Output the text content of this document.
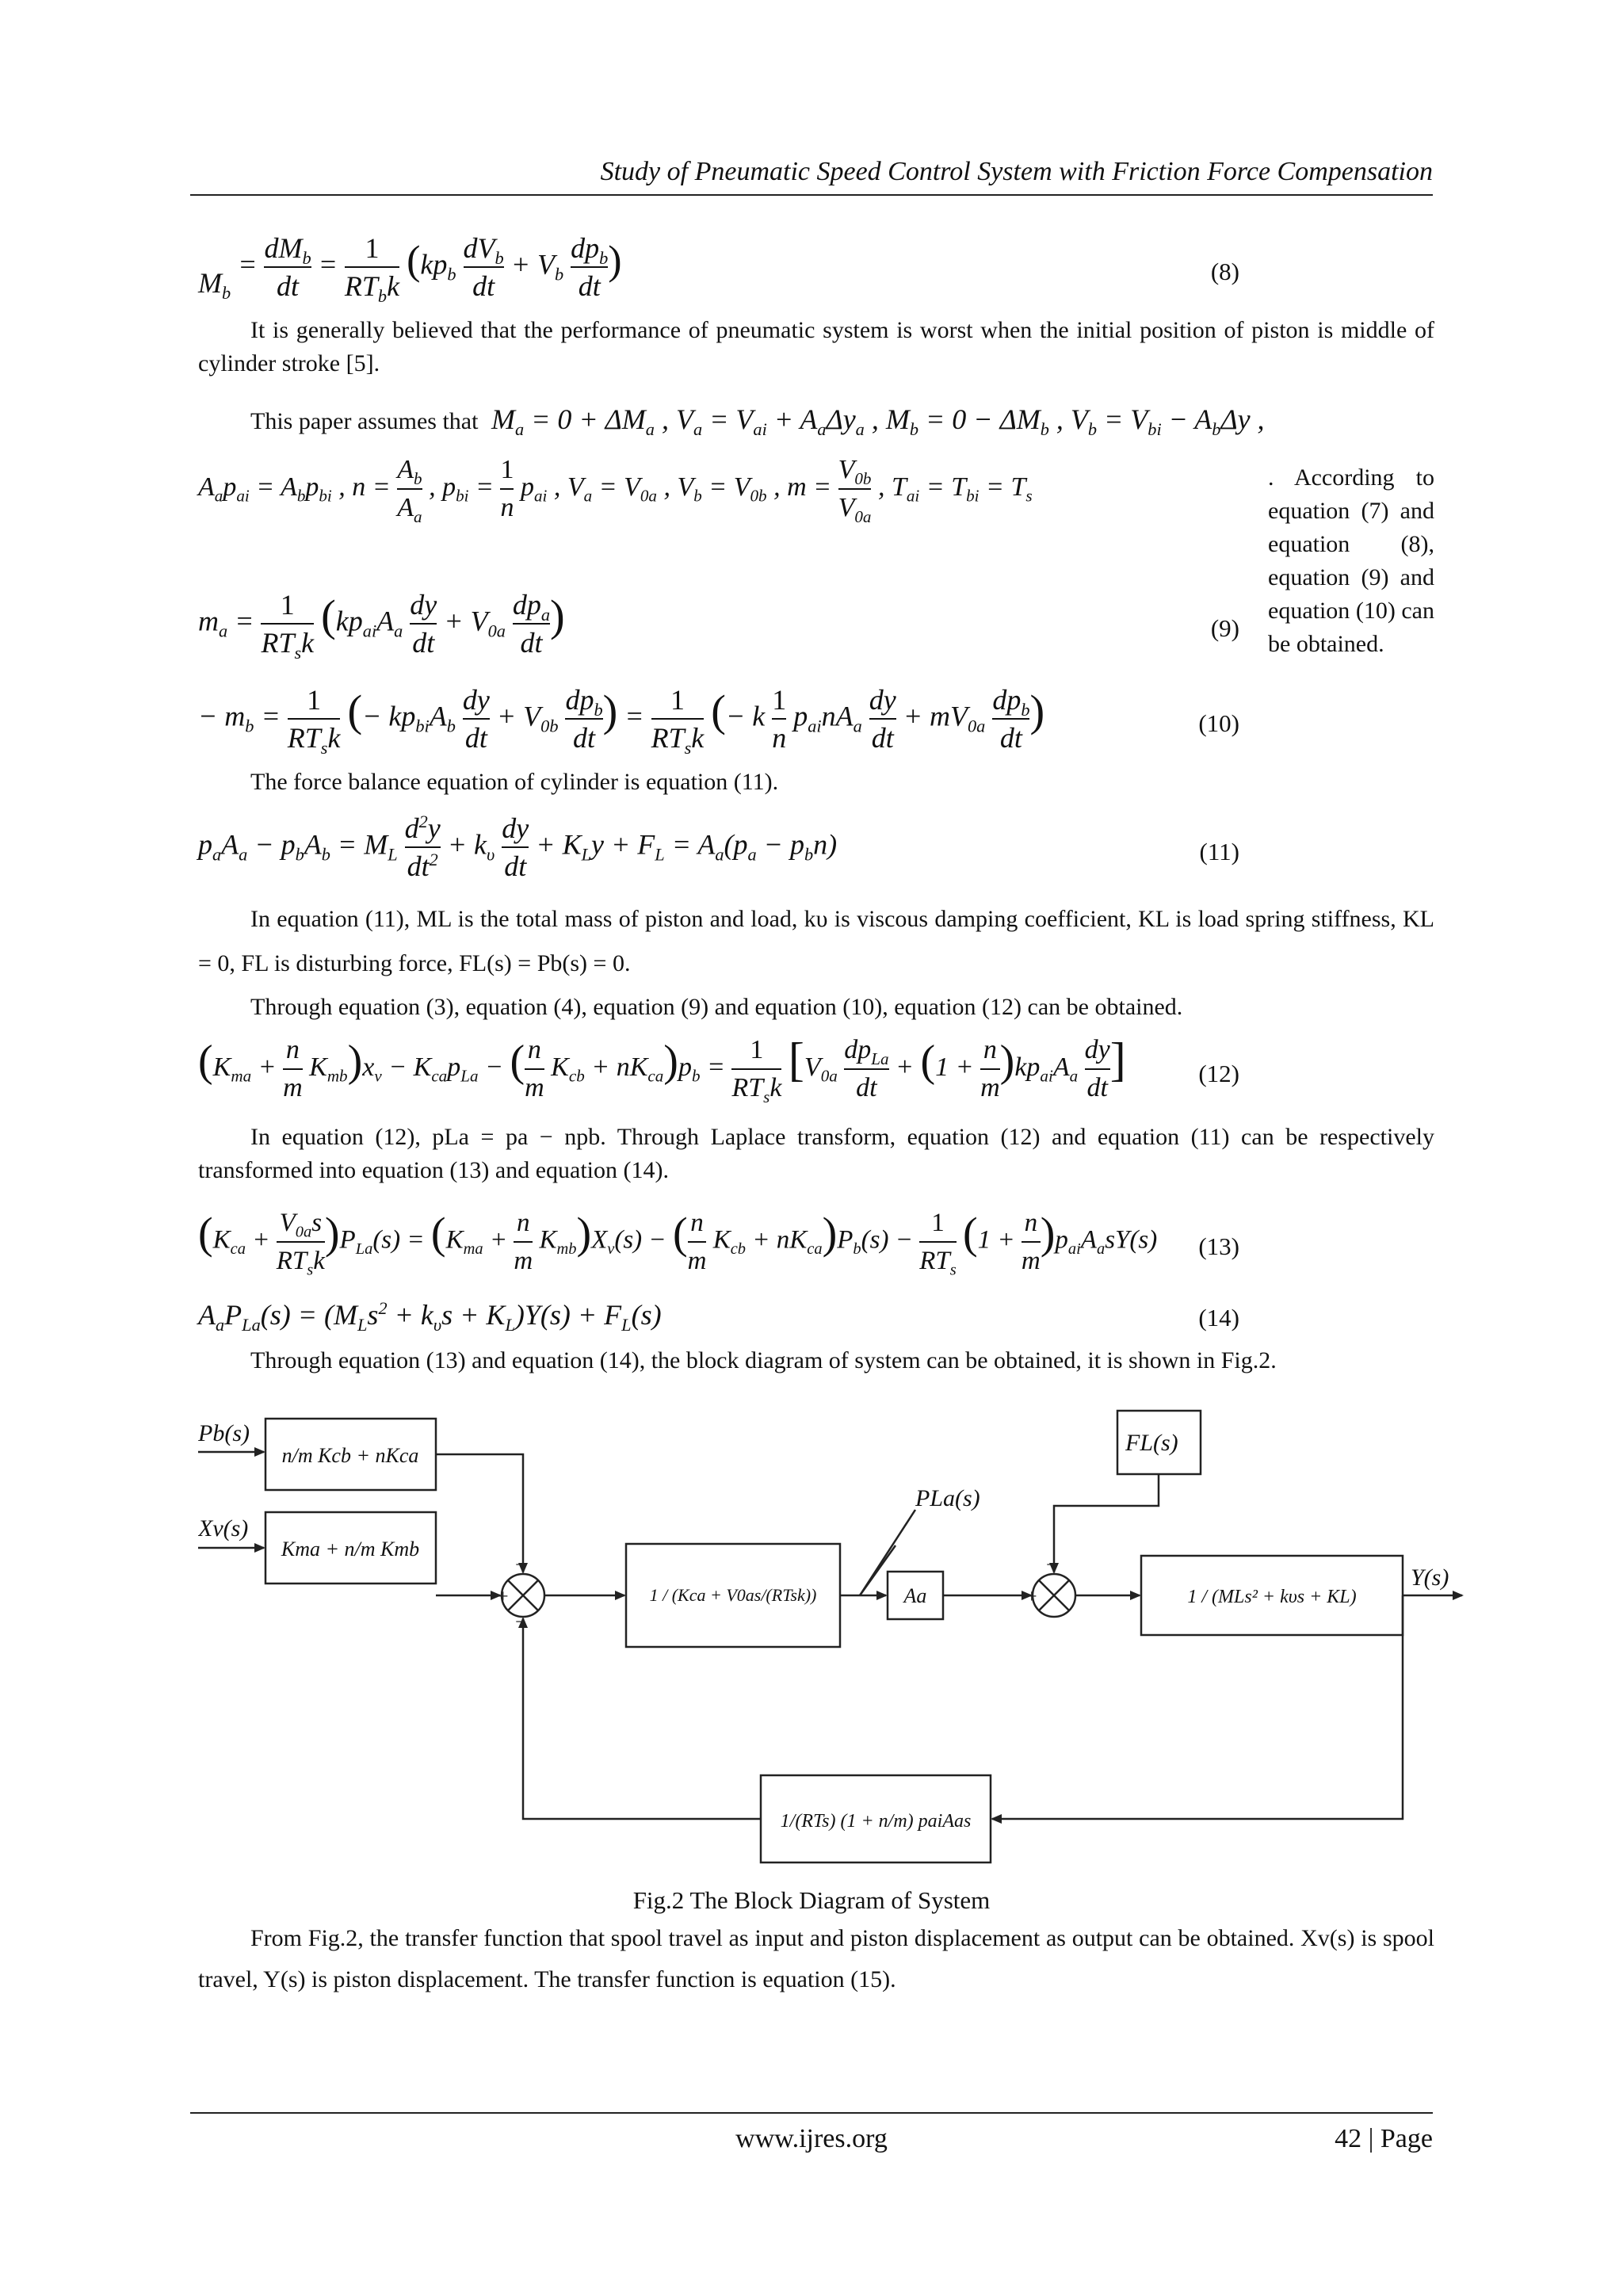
Study of Pneumatic Speed Control System with Friction Force Compensation
$M_b = dM_b$

dt
= 1

$RT_bk$
($kp_b$ $dV_b$

dt
+ $V_b$ $dp_b$

dt
)	(8)
It is generally believed that the performance of pneumatic system is worst when the initial position of piston is middle of cylinder stroke [5].
This paper assumes that  $M_a = 0 + \Delta M_a$ , $V_a = V_{ai} + A_a\Delta y_a$ , $M_b = 0 - \Delta M_b$ , $V_b = V_{bi} - A_b\Delta y$ ,
$A_ap_{ai} = A_bp_{bi}$ , $n = A_b$

$A_a$
, $p_{bi} = \frac{1}{n} p_{ai}$ , $V_a = V_{0a}$ , $V_b = V_{0b}$ , $m = V_{0b}$

$V_{0a}$
, $T_{ai} = T_{bi} = T_s$
. According to equation (7) and equation (8), equation (9) and equation (10) can be obtained.
$m_a = 1$

$RT_sk$
($kp_{ai}A_a$ dy

dt
+ $V_{0a}$ $dp_a$

dt
)	(9)
− $m_b = 1$

$RT_sk$
(− $kp_{bi}A_b$ dy

dt
+ $V_{0b}$ $dp_b$

dt
) = 1

$RT_sk$
(− k $\frac{1}{n} p_{ai}nA_a$ dy

dt
+ $mV_{0a}$ $dp_b$

dt
)	(10)
The force balance equation of cylinder is equation (11).
$p_aA_a - p_bA_b = M_L$ $d^2y$

$dt^2 + k_\upsilon$ dy

dt
+ $K_Ly + F_L = A_a(p_a - p_bn)$	(11)
In equation (11), ML is the total mass of piston and load, kυ is viscous damping coefficient, KL is load spring stiffness, KL = 0, FL is disturbing force, FL(s) = Pb(s) = 0.
Through equation (3), equation (4), equation (9) and equation (10), equation (12) can be obtained.
($K_{ma} + n$

m
$K_{mb})x_v - K_{ca}p_{La}$ − ( n

m
$K_{cb} + nK_{ca})p_b = 1$

$RT_sk$
[$V_{0a}$ $dp_{La}$

dt
+ (1 + n

m
)$kp_{ai}A_a$ dy

dt
]	(12)
In equation (12), pLa = pa − npb. Through Laplace transform, equation (12) and equation (11) can be respectively transformed into equation (13) and equation (14).
($K_{ca} + V_{0a}s$

$RT_sk$
)$P_{La}(s) = (K_{ma} + n$

m
$K_{mb})X_v(s)$ − ( n

m
$K_{cb} + nK_{ca})P_b(s) - 1$

$RT_s$
(1 + n

m
)$p_{ai}A_asY(s)$ (13)
$A_aP_{La}(s) = (M_Ls^2 + k_\upsilon s + K_L)Y(s) + F_L(s)$	(14)
Through equation (13) and equation (14), the block diagram of system can be obtained, it is shown in Fig.2.
−
+
−
−
+
Pb(s)
Xv(s)
PLa(s)
FL(s)
Y(s)
n/m Kcb + nKca
Kma + n/m Kmb
1 / (Kca + V0as/(RTsk))	Aa	1 / (MLs² + kυs + KL)
1/(RTs) (1 + n/m) paiAas
Fig.2 The Block Diagram of System
From Fig.2, the transfer function that spool travel as input and piston displacement as output can be obtained. Xv(s) is spool travel, Y(s) is piston displacement. The transfer function is equation (15).
www.ijres.org	42 | Page
